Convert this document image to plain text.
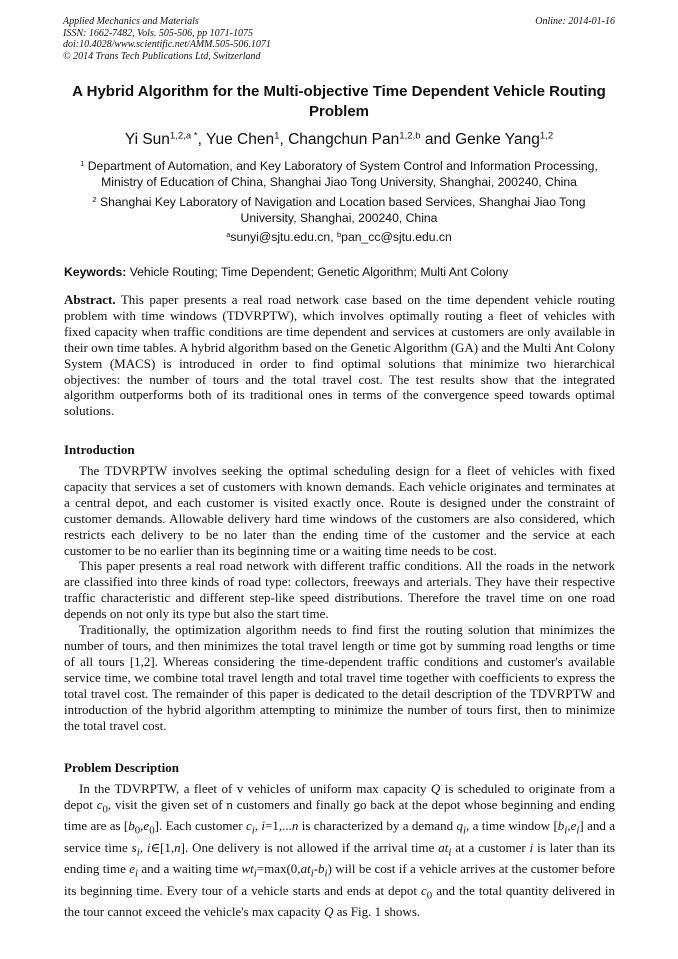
Applied Mechanics and Materials
ISSN: 1662-7482, Vols. 505-506, pp 1071-1075
doi:10.4028/www.scientific.net/AMM.505-506.1071
© 2014 Trans Tech Publications Ltd, Switzerland
Online: 2014-01-16
A Hybrid Algorithm for the Multi-objective Time Dependent Vehicle Routing Problem
Yi Sun$^{1,2,a *}$, Yue Chen$^1$, Changchun Pan$^{1,2,b}$ and Genke Yang$^{1,2}$
$^1$ Department of Automation, and Key Laboratory of System Control and Information Processing, Ministry of Education of China, Shanghai Jiao Tong University, Shanghai, 200240, China
$^2$ Shanghai Key Laboratory of Navigation and Location based Services, Shanghai Jiao Tong University, Shanghai, 200240, China
$^a$sunyi@sjtu.edu.cn, $^b$pan_cc@sjtu.edu.cn
Keywords: Vehicle Routing; Time Dependent; Genetic Algorithm; Multi Ant Colony

Abstract. This paper presents a real road network case based on the time dependent vehicle routing problem with time windows (TDVRPTW), which involves optimally routing a fleet of vehicles with fixed capacity when traffic conditions are time dependent and services at customers are only available in their own time tables. A hybrid algorithm based on the Genetic Algorithm (GA) and the Multi Ant Colony System (MACS) is introduced in order to find optimal solutions that minimize two hierarchical objectives: the number of tours and the total travel cost. The test results show that the integrated algorithm outperforms both of its traditional ones in terms of the convergence speed towards optimal solutions.

Introduction

The TDVRPTW involves seeking the optimal scheduling design for a fleet of vehicles with fixed capacity that services a set of customers with known demands. Each vehicle originates and terminates at a central depot, and each customer is visited exactly once. Route is designed under the constraint of customer demands. Allowable delivery hard time windows of the customers are also considered, which restricts each delivery to be no later than the ending time of the customer and the service at each customer to be no earlier than its beginning time or a waiting time needs to be cost.

This paper presents a real road network with different traffic conditions. All the roads in the network are classified into three kinds of road type: collectors, freeways and arterials. They have their respective traffic characteristic and different step-like speed distributions. Therefore the travel time on one road depends on not only its type but also the start time.

Traditionally, the optimization algorithm needs to find first the routing solution that minimizes the number of tours, and then minimizes the total travel length or time got by summing road lengths or time of all tours [1,2]. Whereas considering the time-dependent traffic conditions and customer's available service time, we combine total travel length and total travel time together with coefficients to express the total travel cost. The remainder of this paper is dedicated to the detail description of the TDVRPTW and introduction of the hybrid algorithm attempting to minimize the number of tours first, then to minimize the total travel cost.

Problem Description

In the TDVRPTW, a fleet of v vehicles of uniform max capacity Q is scheduled to originate from a depot $c_0$, visit the given set of n customers and finally go back at the depot whose beginning and ending time are as $[b_0,e_0]$. Each customer $c_i$, i=1,...n is characterized by a demand $q_i$, a time window $[b_i,e_i]$ and a service time $s_i$, i∈[1,n]. One delivery is not allowed if the arrival time $at_i$ at a customer i is later than its ending time $e_i$ and a waiting time $wt_i=\max(0,at_i-b_i)$ will be cost if a vehicle arrives at the customer before its beginning time. Every tour of a vehicle starts and ends at depot $c_0$ and the total quantity delivered in the tour cannot exceed the vehicle's max capacity Q as Fig. 1 shows.
